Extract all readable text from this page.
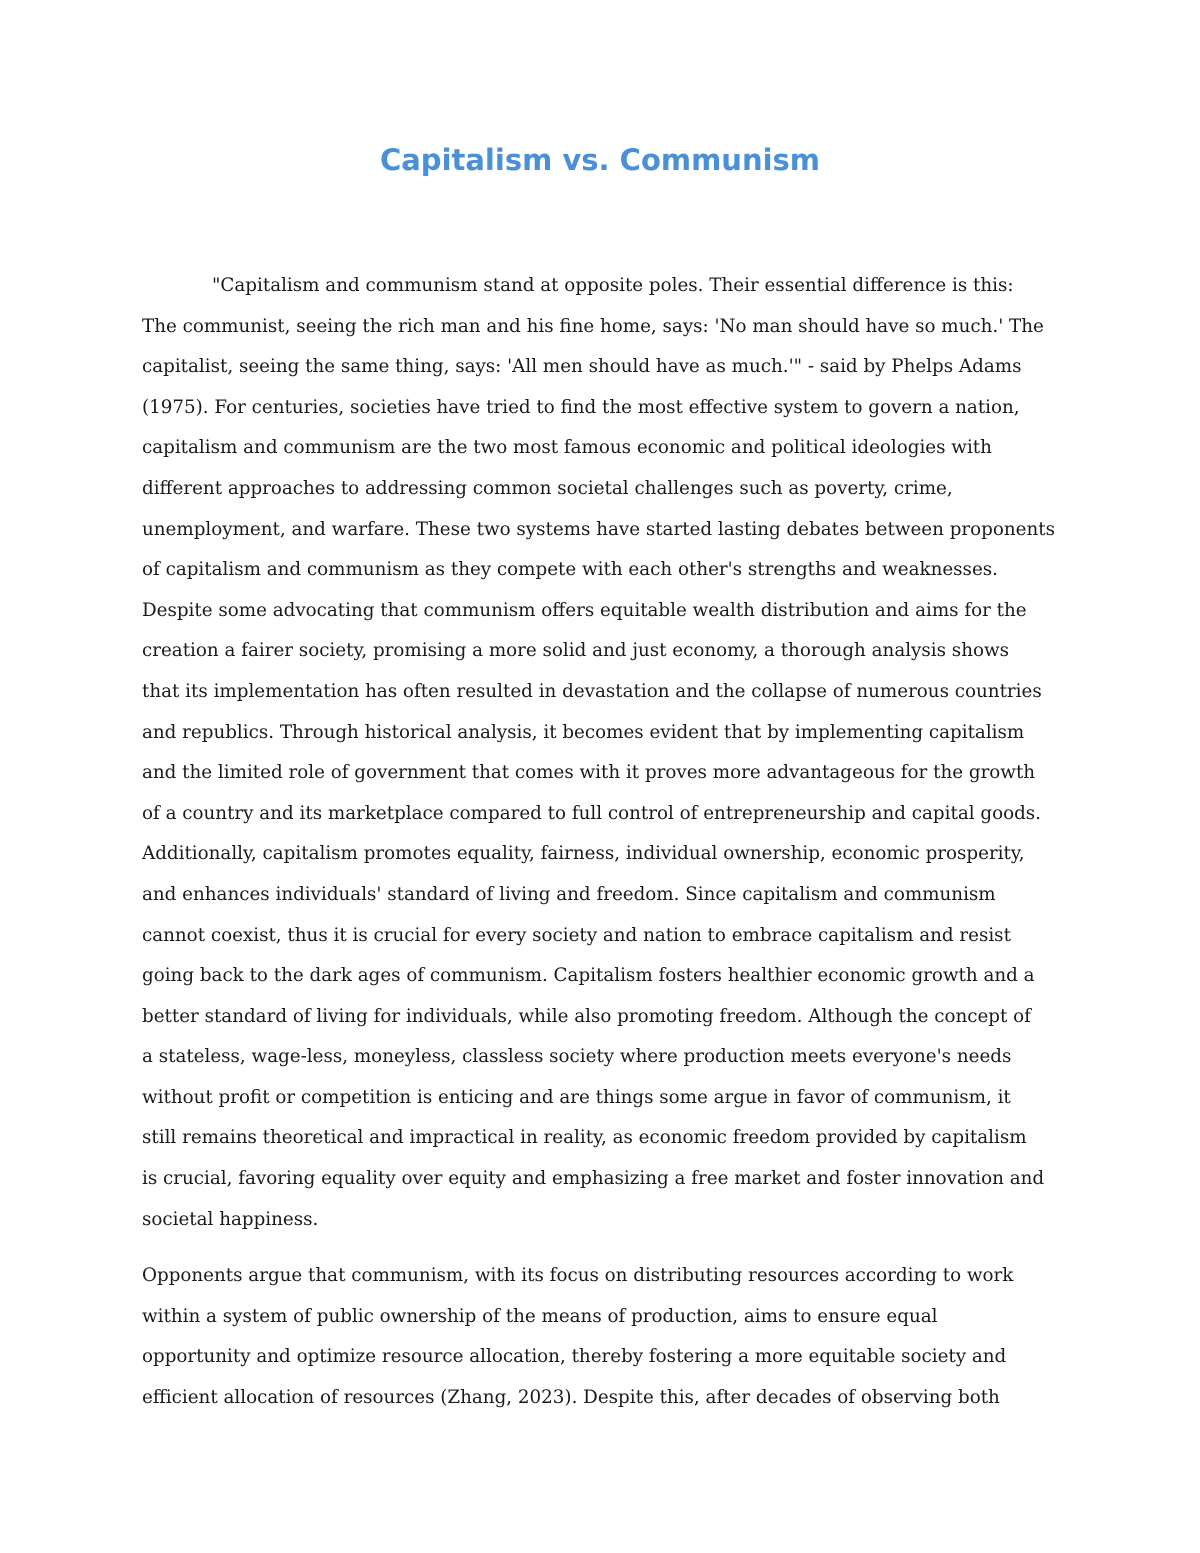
Capitalism vs. Communism

"Capitalism and communism stand at opposite poles. Their essential difference is this:
The communist, seeing the rich man and his fine home, says: 'No man should have so much.' The
capitalist, seeing the same thing, says: 'All men should have as much.'" - said by Phelps Adams
(1975). For centuries, societies have tried to find the most effective system to govern a nation,
capitalism and communism are the two most famous economic and political ideologies with
different approaches to addressing common societal challenges such as poverty, crime,
unemployment, and warfare. These two systems have started lasting debates between proponents
of capitalism and communism as they compete with each other's strengths and weaknesses.
Despite some advocating that communism offers equitable wealth distribution and aims for the
creation a fairer society, promising a more solid and just economy, a thorough analysis shows
that its implementation has often resulted in devastation and the collapse of numerous countries
and republics. Through historical analysis, it becomes evident that by implementing capitalism
and the limited role of government that comes with it proves more advantageous for the growth
of a country and its marketplace compared to full control of entrepreneurship and capital goods.
Additionally, capitalism promotes equality, fairness, individual ownership, economic prosperity,
and enhances individuals' standard of living and freedom. Since capitalism and communism
cannot coexist, thus it is crucial for every society and nation to embrace capitalism and resist
going back to the dark ages of communism. Capitalism fosters healthier economic growth and a
better standard of living for individuals, while also promoting freedom. Although the concept of
a stateless, wage-less, moneyless, classless society where production meets everyone's needs
without profit or competition is enticing and are things some argue in favor of communism, it
still remains theoretical and impractical in reality, as economic freedom provided by capitalism
is crucial, favoring equality over equity and emphasizing a free market and foster innovation and
societal happiness.

Opponents argue that communism, with its focus on distributing resources according to work
within a system of public ownership of the means of production, aims to ensure equal
opportunity and optimize resource allocation, thereby fostering a more equitable society and
efficient allocation of resources (Zhang, 2023). Despite this, after decades of observing both
